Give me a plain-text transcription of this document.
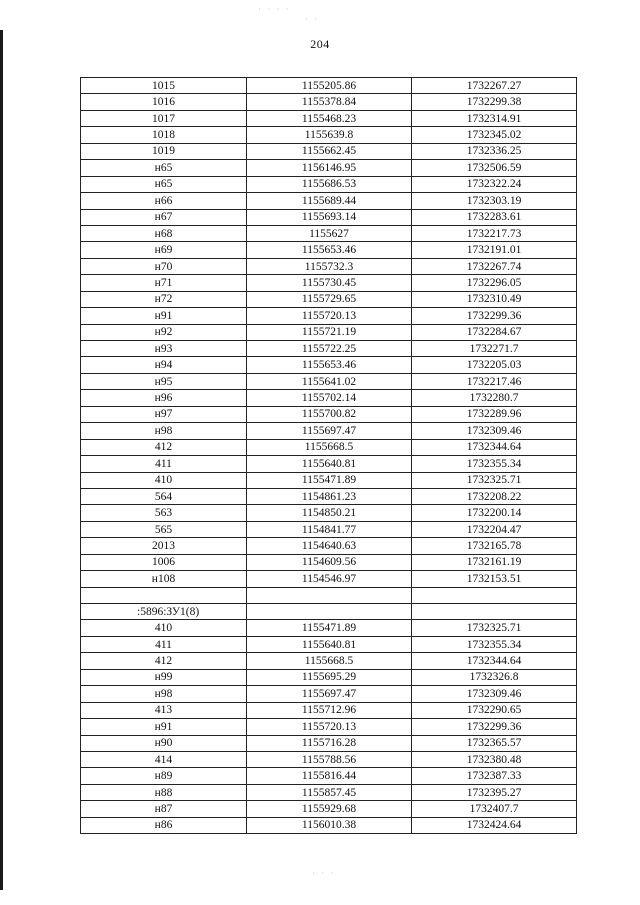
· · · ·
· ·
· · ·
204
1015	1155205.86	1732267.27
1016	1155378.84	1732299.38
1017	1155468.23	1732314.91
1018	1155639.8	1732345.02
1019	1155662.45	1732336.25
н65	1156146.95	1732506.59
н65	1155686.53	1732322.24
н66	1155689.44	1732303.19
н67	1155693.14	1732283.61
н68	1155627	1732217.73
н69	1155653.46	1732191.01
н70	1155732.3	1732267.74
н71	1155730.45	1732296.05
н72	1155729.65	1732310.49
н91	1155720.13	1732299.36
н92	1155721.19	1732284.67
н93	1155722.25	1732271.7
н94	1155653.46	1732205.03
н95	1155641.02	1732217.46
н96	1155702.14	1732280.7
н97	1155700.82	1732289.96
н98	1155697.47	1732309.46
412	1155668.5	1732344.64
411	1155640.81	1732355.34
410	1155471.89	1732325.71
564	1154861.23	1732208.22
563	1154850.21	1732200.14
565	1154841.77	1732204.47
2013	1154640.63	1732165.78
1006	1154609.56	1732161.19
н108	1154546.97	1732153.51

:5896:ЗУ1(8)		
410	1155471.89	1732325.71
411	1155640.81	1732355.34
412	1155668.5	1732344.64
н99	1155695.29	1732326.8
н98	1155697.47	1732309.46
413	1155712.96	1732290.65
н91	1155720.13	1732299.36
н90	1155716.28	1732365.57
414	1155788.56	1732380.48
н89	1155816.44	1732387.33
н88	1155857.45	1732395.27
н87	1155929.68	1732407.7
н86	1156010.38	1732424.64
